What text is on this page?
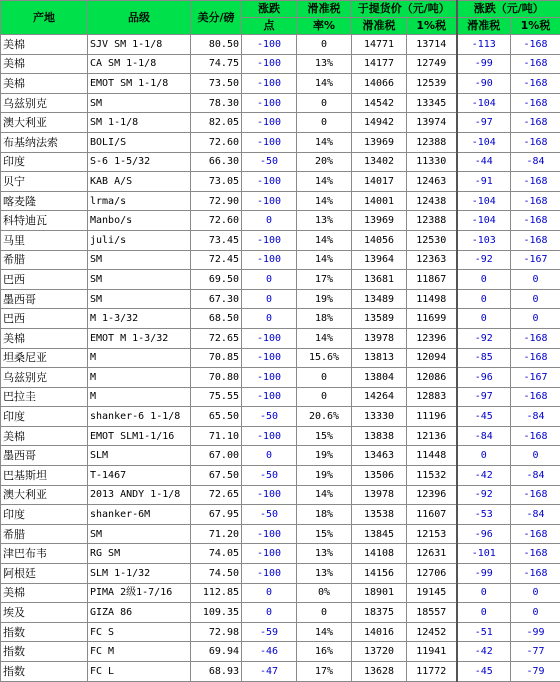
产地	品级	美分/磅	涨跌	滑准税	于提货价（元/吨）		涨跌（元/吨）	
			点	率%	滑准税	1%税	滑准税	1%税
美棉	SJV SM 1-1/8	80.50	-100	0	14771	13714	-113	-168
美棉	CA SM 1-1/8	74.75	-100	13%	14177	12749	-99	-168
美棉	EMOT SM 1-1/8	73.50	-100	14%	14066	12539	-90	-168
乌兹别克	SM	78.30	-100	0	14542	13345	-104	-168
澳大利亚	SM 1-1/8	82.05	-100	0	14942	13974	-97	-168
布基纳法索	BOLI/S	72.60	-100	14%	13969	12388	-104	-168
印度	S-6 1-5/32	66.30	-50	20%	13402	11330	-44	-84
贝宁	KAB A/S	73.05	-100	14%	14017	12463	-91	-168
喀麦隆	lrma/s	72.90	-100	14%	14001	12438	-104	-168
科特迪瓦	Manbo/s	72.60	0	13%	13969	12388	-104	-168
马里	juli/s	73.45	-100	14%	14056	12530	-103	-168
希腊	SM	72.45	-100	14%	13964	12363	-92	-167
巴西	SM	69.50	0	17%	13681	11867	0	0
墨西哥	SM	67.30	0	19%	13489	11498	0	0
巴西	M 1-3/32	68.50	0	18%	13589	11699	0	0
美棉	EMOT M 1-3/32	72.65	-100	14%	13978	12396	-92	-168
坦桑尼亚	M	70.85	-100	15.6%	13813	12094	-85	-168
乌兹别克	M	70.80	-100	0	13804	12086	-96	-167
巴拉圭	M	75.55	-100	0	14264	12883	-97	-168
印度	shanker-6 1-1/8	65.50	-50	20.6%	13330	11196	-45	-84
美棉	EMOT SLM1-1/16	71.10	-100	15%	13838	12136	-84	-168
墨西哥	SLM	67.00	0	19%	13463	11448	0	0
巴基斯坦	T-1467	67.50	-50	19%	13506	11532	-42	-84
澳大利亚	2013 ANDY 1-1/8	72.65	-100	14%	13978	12396	-92	-168
印度	shanker-6M	67.95	-50	18%	13538	11607	-53	-84
希腊	SM	71.20	-100	15%	13845	12153	-96	-168
津巴布韦	RG SM	74.05	-100	13%	14108	12631	-101	-168
阿根廷	SLM 1-1/32	74.50	-100	13%	14156	12706	-99	-168
美棉	PIMA 2级1-7/16	112.85	0	0%	18901	19145	0	0
埃及	GIZA 86	109.35	0	0	18375	18557	0	0
指数	FC S	72.98	-59	14%	14016	12452	-51	-99
指数	FC M	69.94	-46	16%	13720	11941	-42	-77
指数	FC L	68.93	-47	17%	13628	11772	-45	-79
